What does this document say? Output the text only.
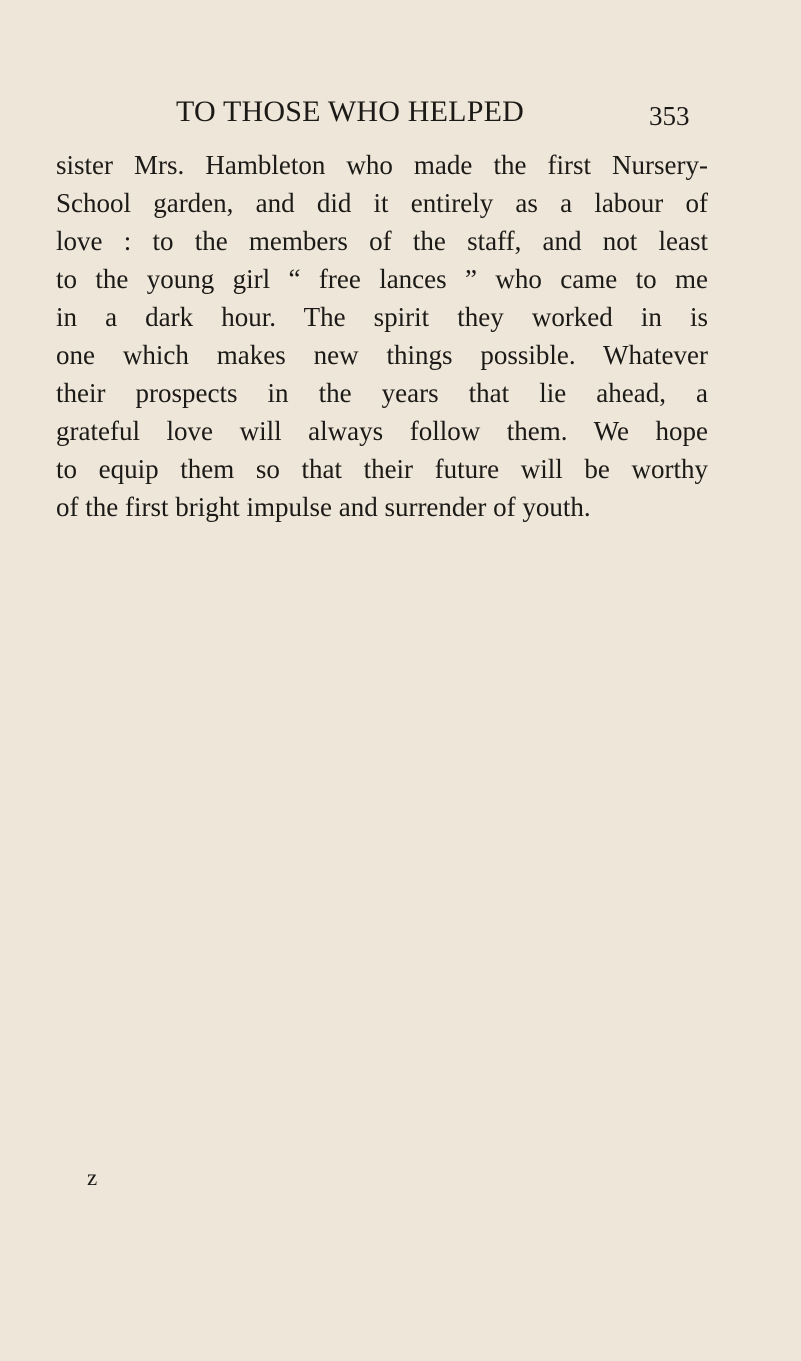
TO THOSE WHO HELPED	353
sister Mrs. Hambleton who made the first Nursery-
School garden, and did it entirely as a labour of
love : to the members of the staff, and not least
to the young girl “ free lances ” who came to me
in a dark hour. The spirit they worked in is
one which makes new things possible. Whatever
their prospects in the years that lie ahead, a
grateful love will always follow them. We hope
to equip them so that their future will be worthy
of the first bright impulse and surrender of youth.
z
